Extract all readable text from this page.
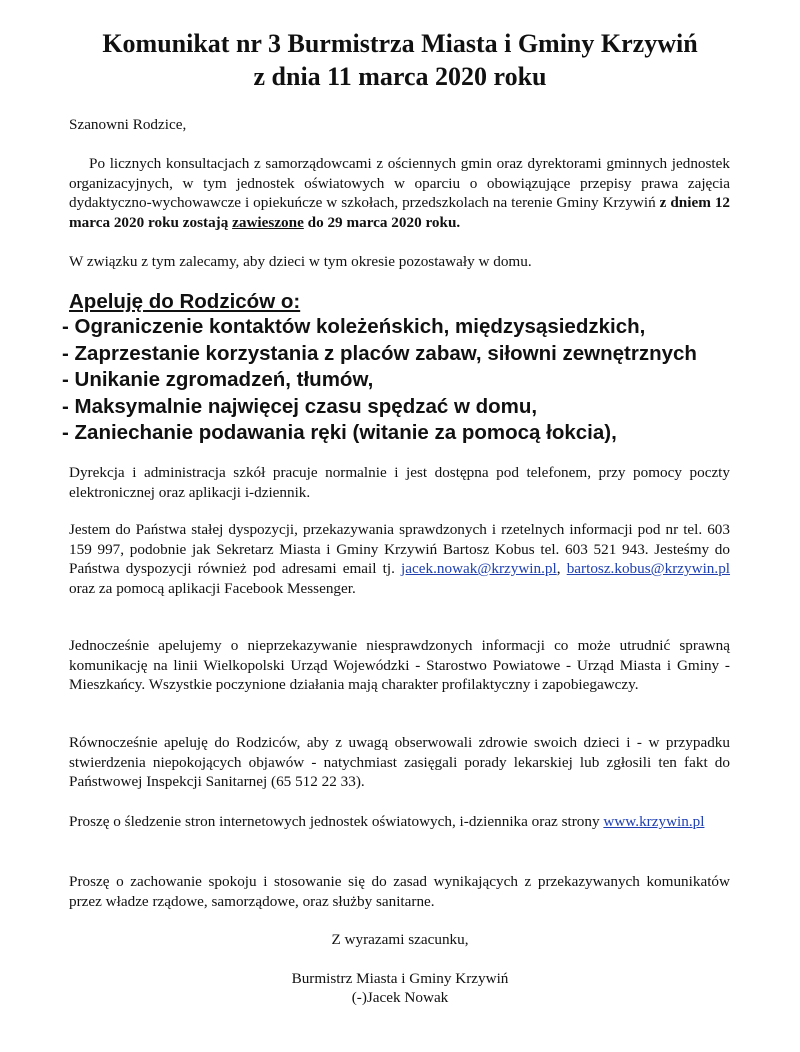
Komunikat nr 3 Burmistrza Miasta i Gminy Krzywiń
z dnia 11 marca 2020 roku

Szanowni Rodzice,

Po licznych konsultacjach z samorządowcami z ościennych gmin oraz dyrektorami gminnych jednostek organizacyjnych, w tym jednostek oświatowych w oparciu o obowiązujące przepisy prawa zajęcia dydaktyczno-wychowawcze i opiekuńcze w szkołach, przedszkolach na terenie Gminy Krzywiń z dniem 12 marca 2020 roku zostają zawieszone do 29 marca 2020 roku.

W związku z tym zalecamy, aby dzieci w tym okresie pozostawały w domu.

Apeluję do Rodziców o:

- Ograniczenie kontaktów koleżeńskich, międzysąsiedzkich,
- Zaprzestanie korzystania z placów zabaw, siłowni zewnętrznych
- Unikanie zgromadzeń, tłumów,
- Maksymalnie najwięcej czasu spędzać w domu,
- Zaniechanie podawania ręki (witanie za pomocą łokcia),

Dyrekcja i administracja szkół pracuje normalnie i jest dostępna pod telefonem, przy pomocy poczty elektronicznej oraz aplikacji i-dziennik.

Jestem do Państwa stałej dyspozycji, przekazywania sprawdzonych i rzetelnych informacji pod nr tel. 603 159 997, podobnie jak Sekretarz Miasta i Gminy Krzywiń Bartosz Kobus tel. 603 521 943. Jesteśmy do Państwa dyspozycji również pod adresami email tj. jacek.nowak@krzywin.pl, bartosz.kobus@krzywin.pl oraz za pomocą aplikacji Facebook Messenger.

Jednocześnie apelujemy o nieprzekazywanie niesprawdzonych informacji co może utrudnić sprawną komunikację na linii Wielkopolski Urząd Wojewódzki - Starostwo Powiatowe - Urząd Miasta i Gminy - Mieszkańcy. Wszystkie poczynione działania mają charakter profilaktyczny i zapobiegawczy.

Równocześnie apeluję do Rodziców, aby z uwagą obserwowali zdrowie swoich dzieci i - w przypadku stwierdzenia niepokojących objawów - natychmiast zasięgali porady lekarskiej lub zgłosili ten fakt do Państwowej Inspekcji Sanitarnej (65 512 22 33).

Proszę o śledzenie stron internetowych jednostek oświatowych, i-dziennika oraz strony www.krzywin.pl

Proszę o zachowanie spokoju i stosowanie się do zasad wynikających z przekazywanych komunikatów przez władze rządowe, samorządowe, oraz służby sanitarne.

Z wyrazami szacunku,

Burmistrz Miasta i Gminy Krzywiń

(-)Jacek Nowak
